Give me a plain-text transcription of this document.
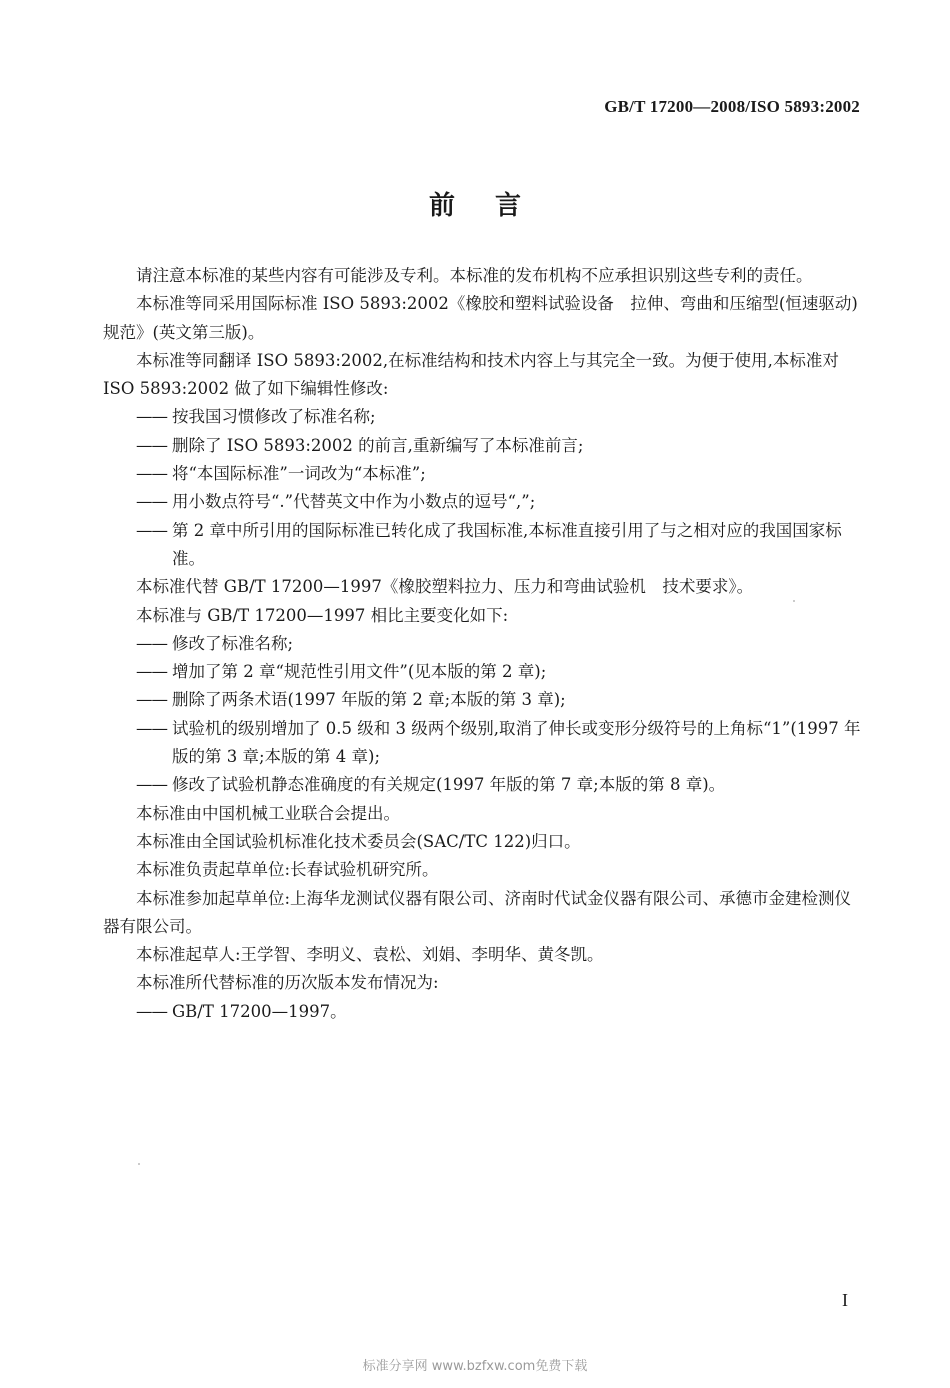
GB/T 17200—2008/ISO 5893:2002
前言

请注意本标准的某些内容有可能涉及专利。本标准的发布机构不应承担识别这些专利的责任。

本标准等同采用国际标准 ISO 5893:2002《橡胶和塑料试验设备　拉伸、弯曲和压缩型(恒速驱动)规范》(英文第三版)。

本标准等同翻译 ISO 5893:2002,在标准结构和技术内容上与其完全一致。为便于使用,本标准对 ISO 5893:2002 做了如下编辑性修改:

—— 按我国习惯修改了标准名称;
—— 删除了 ISO 5893:2002 的前言,重新编写了本标准前言;
—— 将“本国际标准”一词改为“本标准”;
—— 用小数点符号“.”代替英文中作为小数点的逗号“,”;
—— 第 2 章中所引用的国际标准已转化成了我国标准,本标准直接引用了与之相对应的我国国家标准。

本标准代替 GB/T 17200—1997《橡胶塑料拉力、压力和弯曲试验机　技术要求》。

本标准与 GB/T 17200—1997 相比主要变化如下:

—— 修改了标准名称;
—— 增加了第 2 章“规范性引用文件”(见本版的第 2 章);
—— 删除了两条术语(1997 年版的第 2 章;本版的第 3 章);
—— 试验机的级别增加了 0.5 级和 3 级两个级别,取消了伸长或变形分级符号的上角标“1”(1997 年版的第 3 章;本版的第 4 章);
—— 修改了试验机静态准确度的有关规定(1997 年版的第 7 章;本版的第 8 章)。

本标准由中国机械工业联合会提出。

本标准由全国试验机标准化技术委员会(SAC/TC 122)归口。

本标准负责起草单位:长春试验机研究所。

本标准参加起草单位:上海华龙测试仪器有限公司、济南时代试金仪器有限公司、承德市金建检测仪器有限公司。

本标准起草人:王学智、李明义、袁松、刘娟、李明华、黄冬凯。

本标准所代替标准的历次版本发布情况为:

—— GB/T 17200—1997。
I
标准分享网 www.bzfxw.com免费下载
